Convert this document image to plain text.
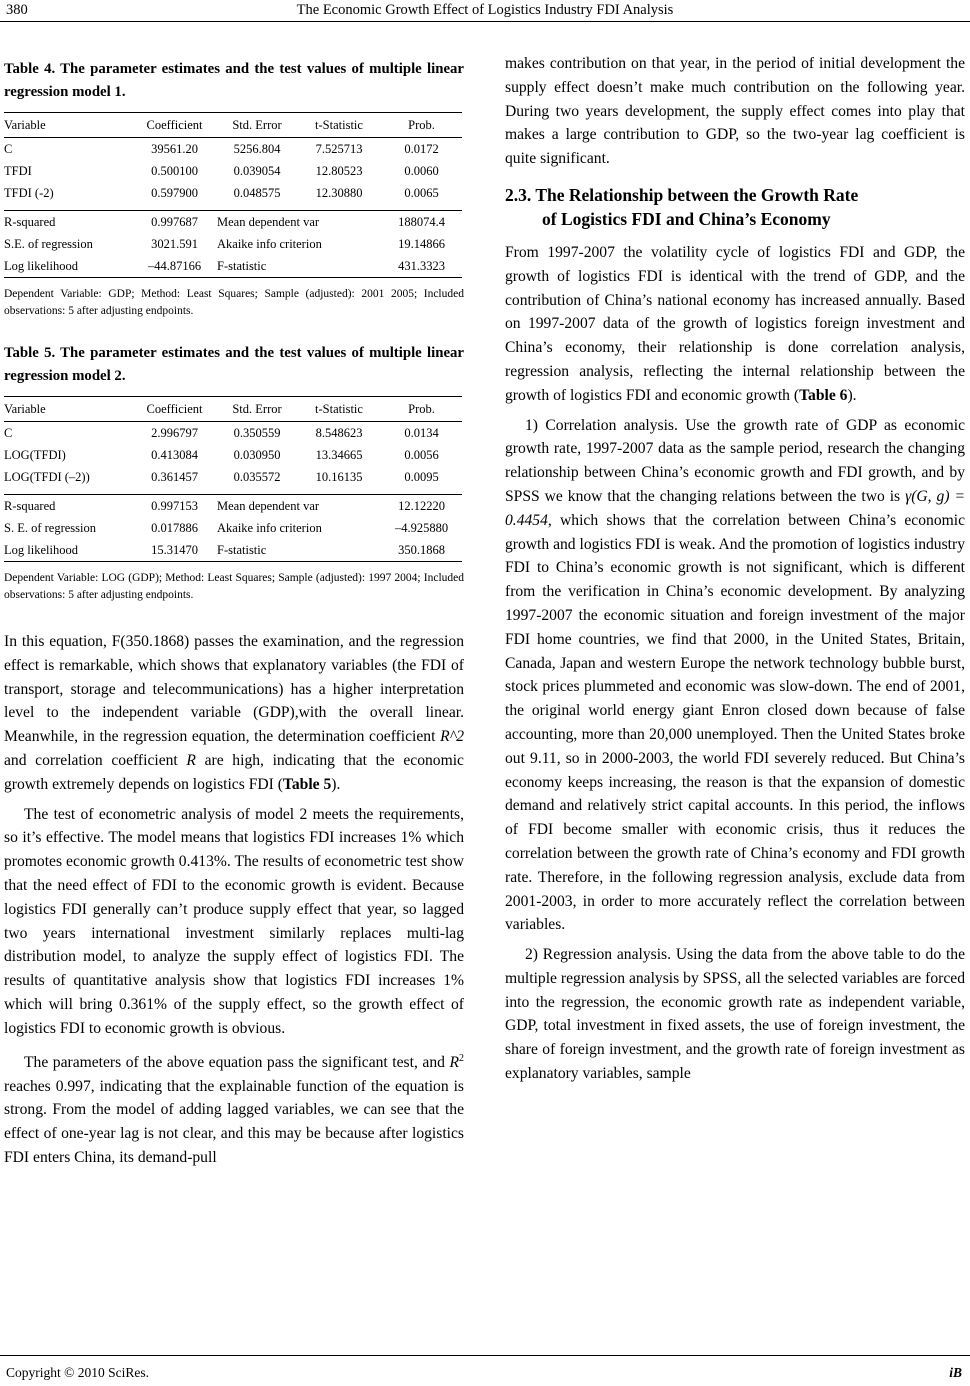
380	The Economic Growth Effect of Logistics Industry FDI Analysis
Table 4. The parameter estimates and the test values of multiple linear regression model 1.
Variable	Coefficient	Std. Error	t-Statistic	Prob.
C	39561.20	5256.804	7.525713	0.0172
TFDI	0.500100	0.039054	12.80523	0.0060
TFDI (-2)	0.597900	0.048575	12.30880	0.0065

R-squared	0.997687	Mean dependent var		188074.4
S.E. of regression	3021.591	Akaike info criterion		19.14866
Log likelihood	–44.87166	F-statistic		431.3323
Dependent Variable: GDP; Method: Least Squares; Sample (adjusted): 2001 2005; Included observations: 5 after adjusting endpoints.
Table 5. The parameter estimates and the test values of multiple linear regression model 2.
Variable	Coefficient	Std. Error	t-Statistic	Prob.
C	2.996797	0.350559	8.548623	0.0134
LOG(TFDI)	0.413084	0.030950	13.34665	0.0056
LOG(TFDI (–2))	0.361457	0.035572	10.16135	0.0095

R-squared	0.997153	Mean dependent var		12.12220
S. E. of regression	0.017886	Akaike info criterion		–4.925880
Log likelihood	15.31470	F-statistic		350.1868
Dependent Variable: LOG (GDP); Method: Least Squares; Sample (adjusted): 1997 2004; Included observations: 5 after adjusting endpoints.

In this equation, F(350.1868) passes the examination, and the regression effect is remarkable, which shows that explanatory variables (the FDI of transport, storage and telecommunications) has a higher interpretation level to the independent variable (GDP),with the overall linear. Meanwhile, in the regression equation, the determination coefficient R^2 and correlation coefficient R are high, indicating that the economic growth extremely depends on logistics FDI (Table 5).

The test of econometric analysis of model 2 meets the requirements, so it’s effective. The model means that logistics FDI increases 1% which promotes economic growth 0.413%. The results of econometric test show that the need effect of FDI to the economic growth is evident. Because logistics FDI generally can’t produce supply effect that year, so lagged two years international investment similarly replaces multi-lag distribution model, to analyze the supply effect of logistics FDI. The results of quantitative analysis show that logistics FDI increases 1% which will bring 0.361% of the supply effect, so the growth effect of logistics FDI to economic growth is obvious.

The parameters of the above equation pass the significant test, and $R^2$ reaches 0.997, indicating that the explainable function of the equation is strong. From the model of adding lagged variables, we can see that the effect of one-year lag is not clear, and this may be because after logistics FDI enters China, its demand-pull

makes contribution on that year, in the period of initial development the supply effect doesn’t make much contribution on the following year. During two years development, the supply effect comes into play that makes a large contribution to GDP, so the two-year lag coefficient is quite significant.

2.3. The Relationship between the Growth Rate
of Logistics FDI and China’s Economy

From 1997-2007 the volatility cycle of logistics FDI and GDP, the growth of logistics FDI is identical with the trend of GDP, and the contribution of China’s national economy has increased annually. Based on 1997-2007 data of the growth of logistics foreign investment and China’s economy, their relationship is done correlation analysis, regression analysis, reflecting the internal relationship between the growth of logistics FDI and economic growth (Table 6).

1) Correlation analysis. Use the growth rate of GDP as economic growth rate, 1997-2007 data as the sample period, research the changing relationship between China’s economic growth and FDI growth, and by SPSS we know that the changing relations between the two is γ(G, g) = 0.4454, which shows that the correlation between China’s economic growth and logistics FDI is weak. And the promotion of logistics industry FDI to China’s economic growth is not significant, which is different from the verification in China’s economic development. By analyzing 1997-2007 the economic situation and foreign investment of the major FDI home countries, we find that 2000, in the United States, Britain, Canada, Japan and western Europe the network technology bubble burst, stock prices plummeted and economic was slow-down. The end of 2001, the original world energy giant Enron closed down because of false accounting, more than 20,000 unemployed. Then the United States broke out 9.11, so in 2000-2003, the world FDI severely reduced. But China’s economy keeps increasing, the reason is that the expansion of domestic demand and relatively strict capital accounts. In this period, the inflows of FDI become smaller with economic crisis, thus it reduces the correlation between the growth rate of China’s economy and FDI growth rate. Therefore, in the following regression analysis, exclude data from 2001-2003, in order to more accurately reflect the correlation between variables.

2) Regression analysis. Using the data from the above table to do the multiple regression analysis by SPSS, all the selected variables are forced into the regression, the economic growth rate as independent variable, GDP, total investment in fixed assets, the use of foreign investment, the share of foreign investment, and the growth rate of foreign investment as explanatory variables, sample

Copyright © 2010 SciRes.	iB
